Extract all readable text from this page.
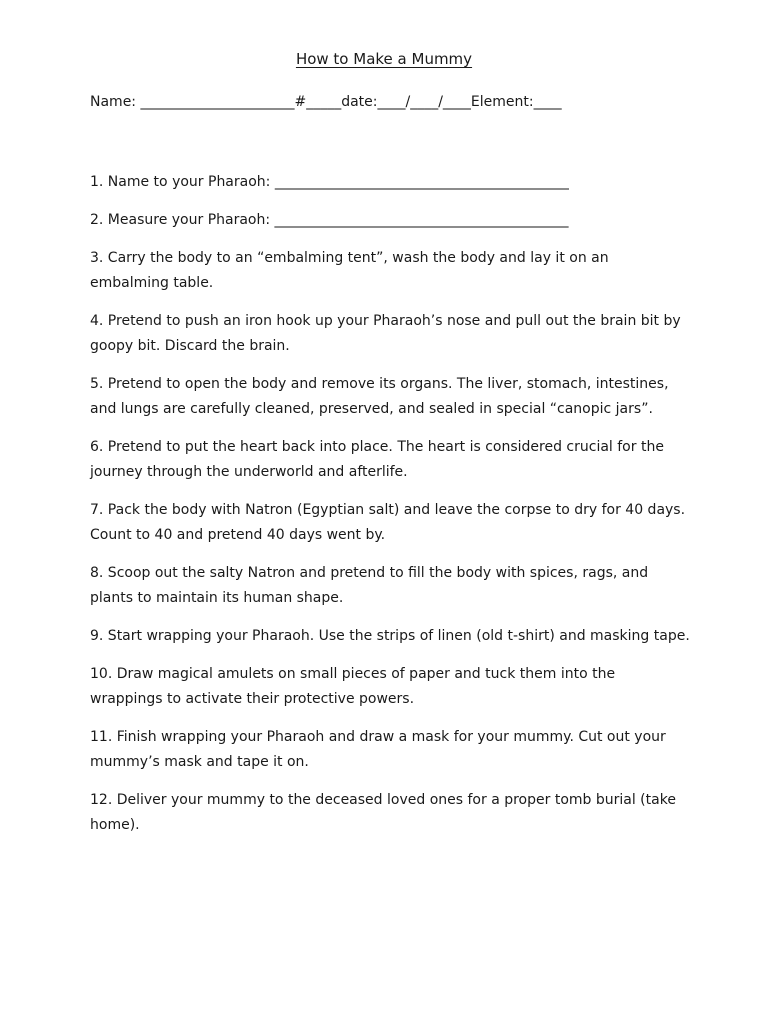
How to Make a Mummy

Name: ______________________#_____date:____/____/____Element:____

1. Name to your Pharaoh: __________________________________________
2. Measure your Pharaoh: __________________________________________
3. Carry the body to an “embalming tent”, wash the body and lay it on an embalming table.
4. Pretend to push an iron hook up your Pharaoh’s nose and pull out the brain bit by goopy bit. Discard the brain.
5. Pretend to open the body and remove its organs. The liver, stomach, intestines, and lungs are carefully cleaned, preserved, and sealed in special “canopic jars”.
6. Pretend to put the heart back into place. The heart is considered crucial for the journey through the underworld and afterlife.
7. Pack the body with Natron (Egyptian salt) and leave the corpse to dry for 40 days. Count to 40 and pretend 40 days went by.
8. Scoop out the salty Natron and pretend to fill the body with spices, rags, and plants to maintain its human shape.
9. Start wrapping your Pharaoh. Use the strips of linen (old t-shirt) and masking tape.
10. Draw magical amulets on small pieces of paper and tuck them into the wrappings to activate their protective powers.
11. Finish wrapping your Pharaoh and draw a mask for your mummy. Cut out your mummy’s mask and tape it on.
12. Deliver your mummy to the deceased loved ones for a proper tomb burial (take home).
